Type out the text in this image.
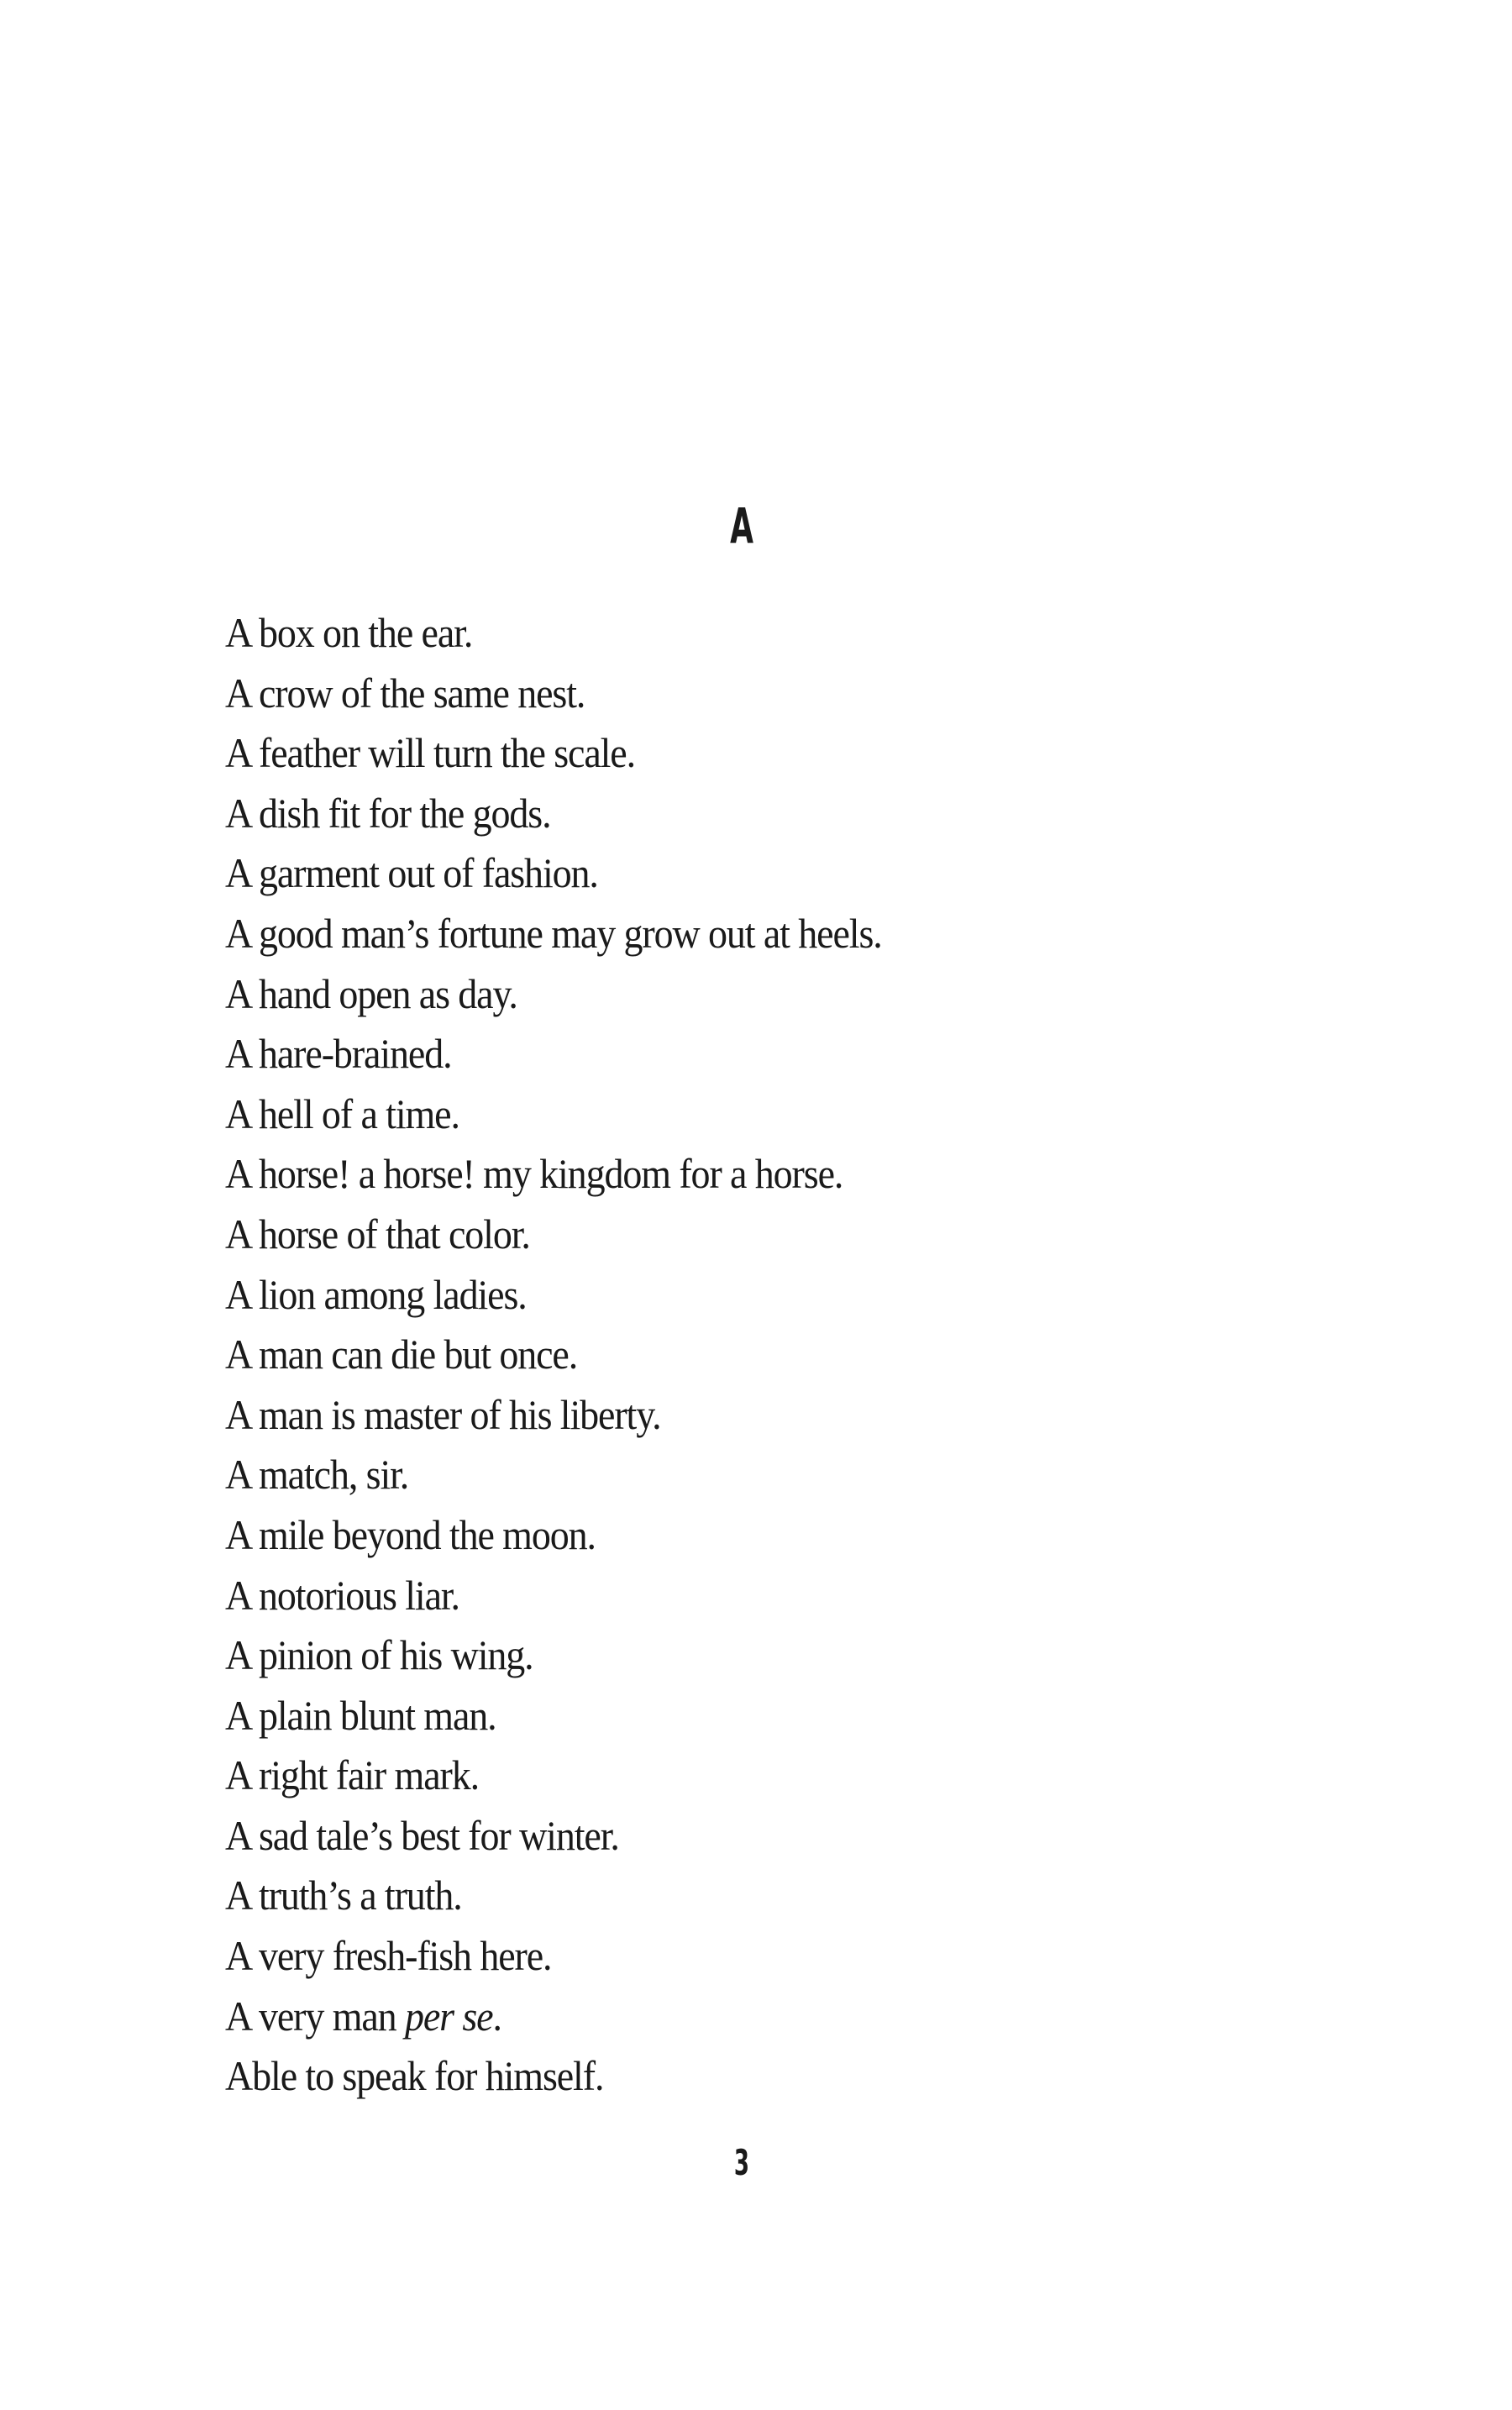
A
A box on the ear.
A crow of the same nest.
A feather will turn the scale.
A dish fit for the gods.
A garment out of fashion.
A good man’s fortune may grow out at heels.
A hand open as day.
A hare-brained.
A hell of a time.
A horse! a horse! my kingdom for a horse.
A horse of that color.
A lion among ladies.
A man can die but once.
A man is master of his liberty.
A match, sir.
A mile beyond the moon.
A notorious liar.
A pinion of his wing.
A plain blunt man.
A right fair mark.
A sad tale’s best for winter.
A truth’s a truth.
A very fresh-fish here.
A very man per se.
Able to speak for himself.
3
